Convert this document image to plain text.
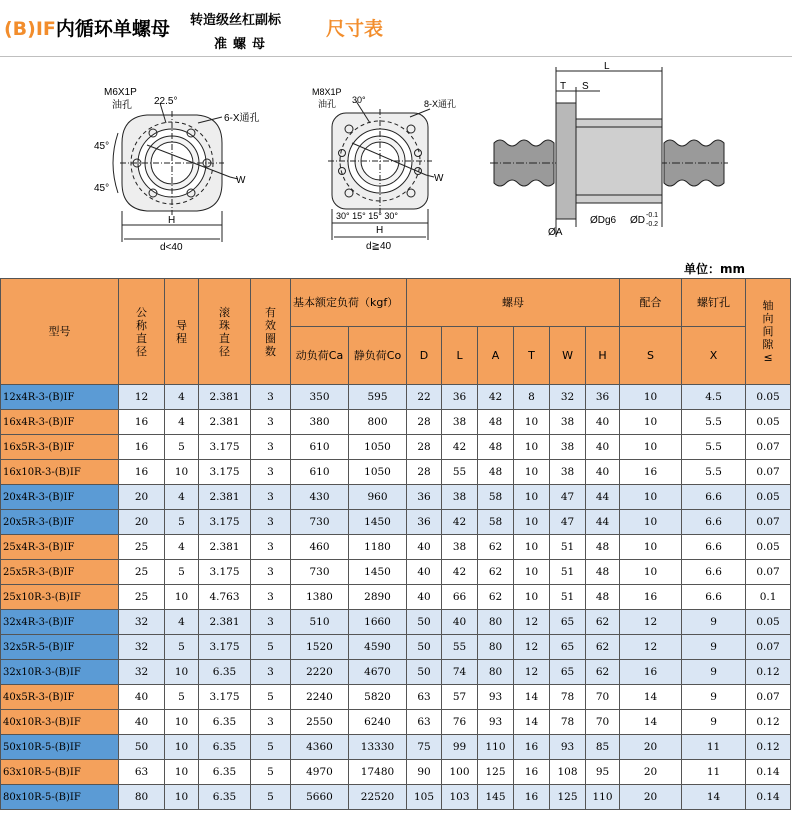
(B)IF内循环单螺母 转造级丝杠副标
准螺母
尺寸表
M6X1P
油孔 22.5°
6-X通孔
45°
45°
W
H
d<40
M8X1P
油孔 30°	8-X通孔
W
30° 15° 15° 30°
H
d≧40
L
T S
ØA
ØDg6 ØD -0.1
-0.2
单位：mm
型号	公称直径	导程	滚珠直径	有效圈数	基本额定负荷（kgf）		螺母						配合	螺钉孔	轴向间隙≤

					动负荷Ca	静负荷Co	D	L	A	T	W	H	S	X	
12x4R-3-(B)IF	12	4	2.381	3	350	595	22	36	42	8	32	36	10	4.5	0.05
16x4R-3-(B)IF	16	4	2.381	3	380	800	28	38	48	10	38	40	10	5.5	0.05
16x5R-3-(B)IF	16	5	3.175	3	610	1050	28	42	48	10	38	40	10	5.5	0.07
16x10R-3-(B)IF	16	10	3.175	3	610	1050	28	55	48	10	38	40	16	5.5	0.07
20x4R-3-(B)IF	20	4	2.381	3	430	960	36	38	58	10	47	44	10	6.6	0.05
20x5R-3-(B)IF	20	5	3.175	3	730	1450	36	42	58	10	47	44	10	6.6	0.07
25x4R-3-(B)IF	25	4	2.381	3	460	1180	40	38	62	10	51	48	10	6.6	0.05
25x5R-3-(B)IF	25	5	3.175	3	730	1450	40	42	62	10	51	48	10	6.6	0.07
25x10R-3-(B)IF	25	10	4.763	3	1380	2890	40	66	62	10	51	48	16	6.6	0.1
32x4R-3-(B)IF	32	4	2.381	3	510	1660	50	40	80	12	65	62	12	9	0.05
32x5R-5-(B)IF	32	5	3.175	5	1520	4590	50	55	80	12	65	62	12	9	0.07
32x10R-3-(B)IF	32	10	6.35	3	2220	4670	50	74	80	12	65	62	16	9	0.12
40x5R-3-(B)IF	40	5	3.175	5	2240	5820	63	57	93	14	78	70	14	9	0.07
40x10R-3-(B)IF	40	10	6.35	3	2550	6240	63	76	93	14	78	70	14	9	0.12
50x10R-5-(B)IF	50	10	6.35	5	4360	13330	75	99	110	16	93	85	20	11	0.12
63x10R-5-(B)IF	63	10	6.35	5	4970	17480	90	100	125	16	108	95	20	11	0.14
80x10R-5-(B)IF	80	10	6.35	5	5660	22520	105	103	145	16	125	110	20	14	0.14
